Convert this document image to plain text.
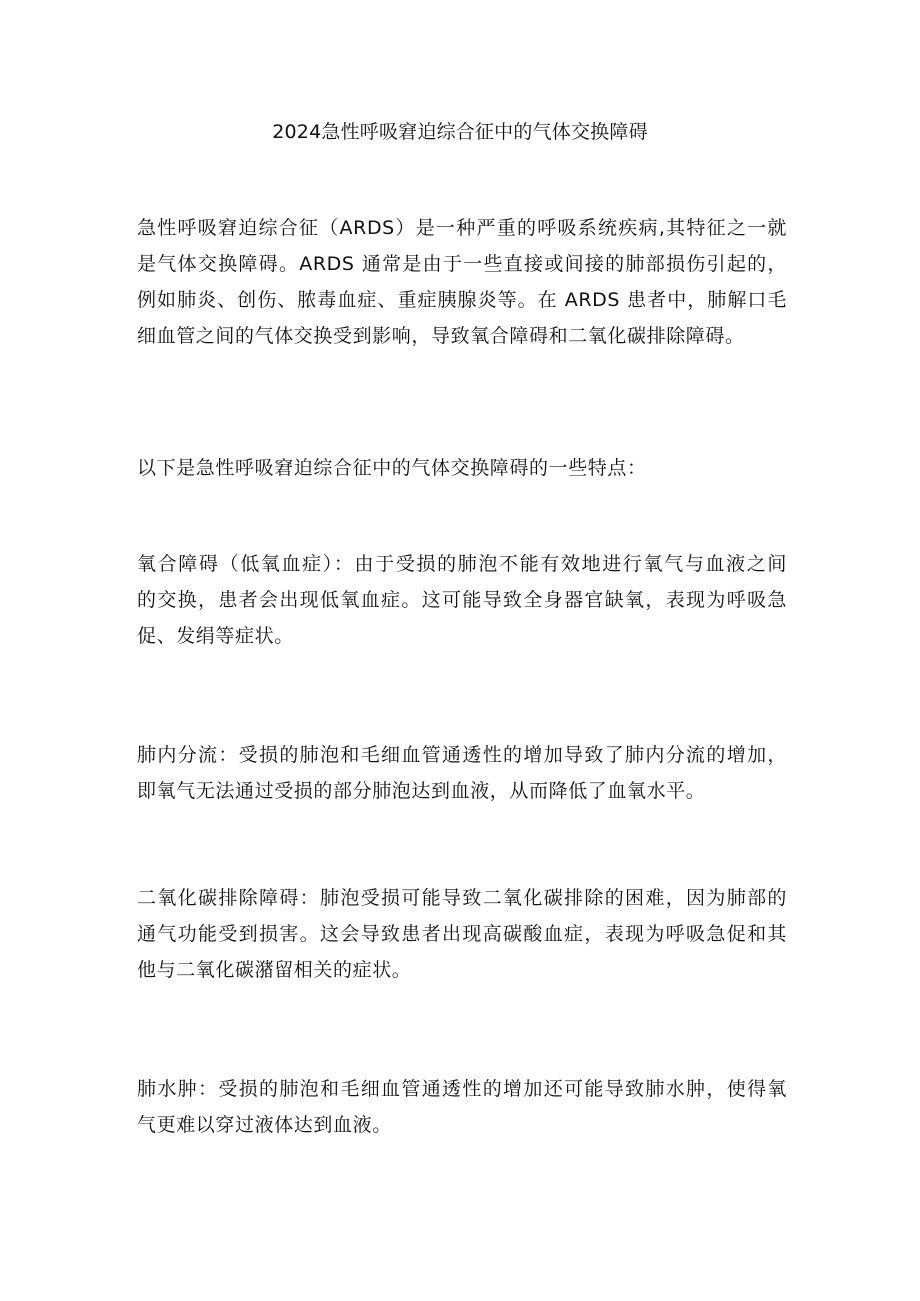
2024急性呼吸窘迫综合征中的气体交换障碍

急性呼吸窘迫综合征（ARDS）是一种严重的呼吸系统疾病,其特征之一就
是气体交换障碍。ARDS 通常是由于一些直接或间接的肺部损伤引起的，
例如肺炎、创伤、脓毒血症、重症胰腺炎等。在 ARDS 患者中，肺解口毛
细血管之间的气体交换受到影响，导致氧合障碍和二氧化碳排除障碍。

以下是急性呼吸窘迫综合征中的气体交换障碍的一些特点：

氧合障碍（低氧血症）：由于受损的肺泡不能有效地进行氧气与血液之间
的交换，患者会出现低氧血症。这可能导致全身器官缺氧，表现为呼吸急
促、发绢等症状。

肺内分流：受损的肺泡和毛细血管通透性的增加导致了肺内分流的增加，
即氧气无法通过受损的部分肺泡达到血液，从而降低了血氧水平。

二氧化碳排除障碍：肺泡受损可能导致二氧化碳排除的困难，因为肺部的
通气功能受到损害。这会导致患者出现高碳酸血症，表现为呼吸急促和其
他与二氧化碳潴留相关的症状。

肺水肿：受损的肺泡和毛细血管通透性的增加还可能导致肺水肿，使得氧
气更难以穿过液体达到血液。
